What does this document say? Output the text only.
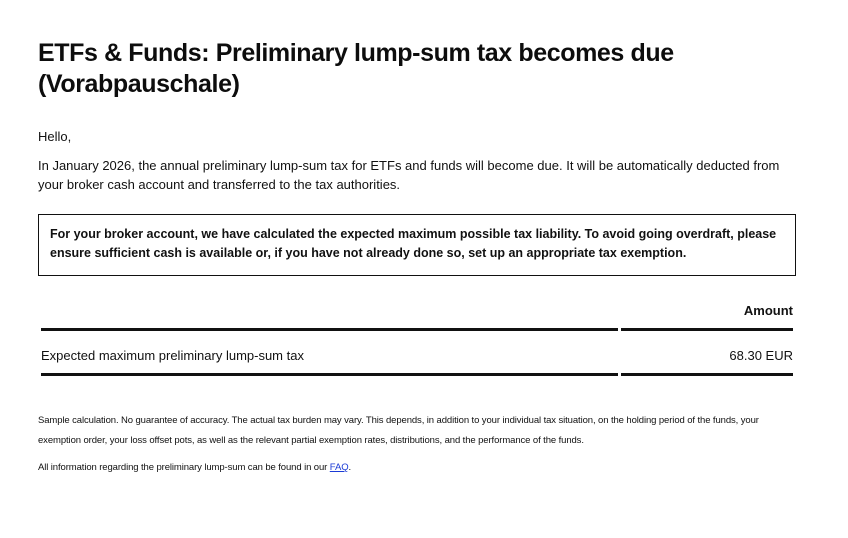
ETFs & Funds: Preliminary lump-sum tax becomes due (Vorabpauschale)

Hello,

In January 2026, the annual preliminary lump-sum tax for ETFs and funds will become due. It will be automatically deducted from your broker cash account and transferred to the tax authorities.

For your broker account, we have calculated the expected maximum possible tax liability. To avoid going overdraft, please ensure sufficient cash is available or, if you have not already done so, set up an appropriate tax exemption.
Amount
Expected maximum preliminary lump-sum tax	68.30 EUR

Sample calculation. No guarantee of accuracy. The actual tax burden may vary. This depends, in addition to your individual tax situation, on the holding period of the funds, your exemption order, your loss offset pots, as well as the relevant partial exemption rates, distributions, and the performance of the funds.

All information regarding the preliminary lump-sum can be found in our FAQ.
